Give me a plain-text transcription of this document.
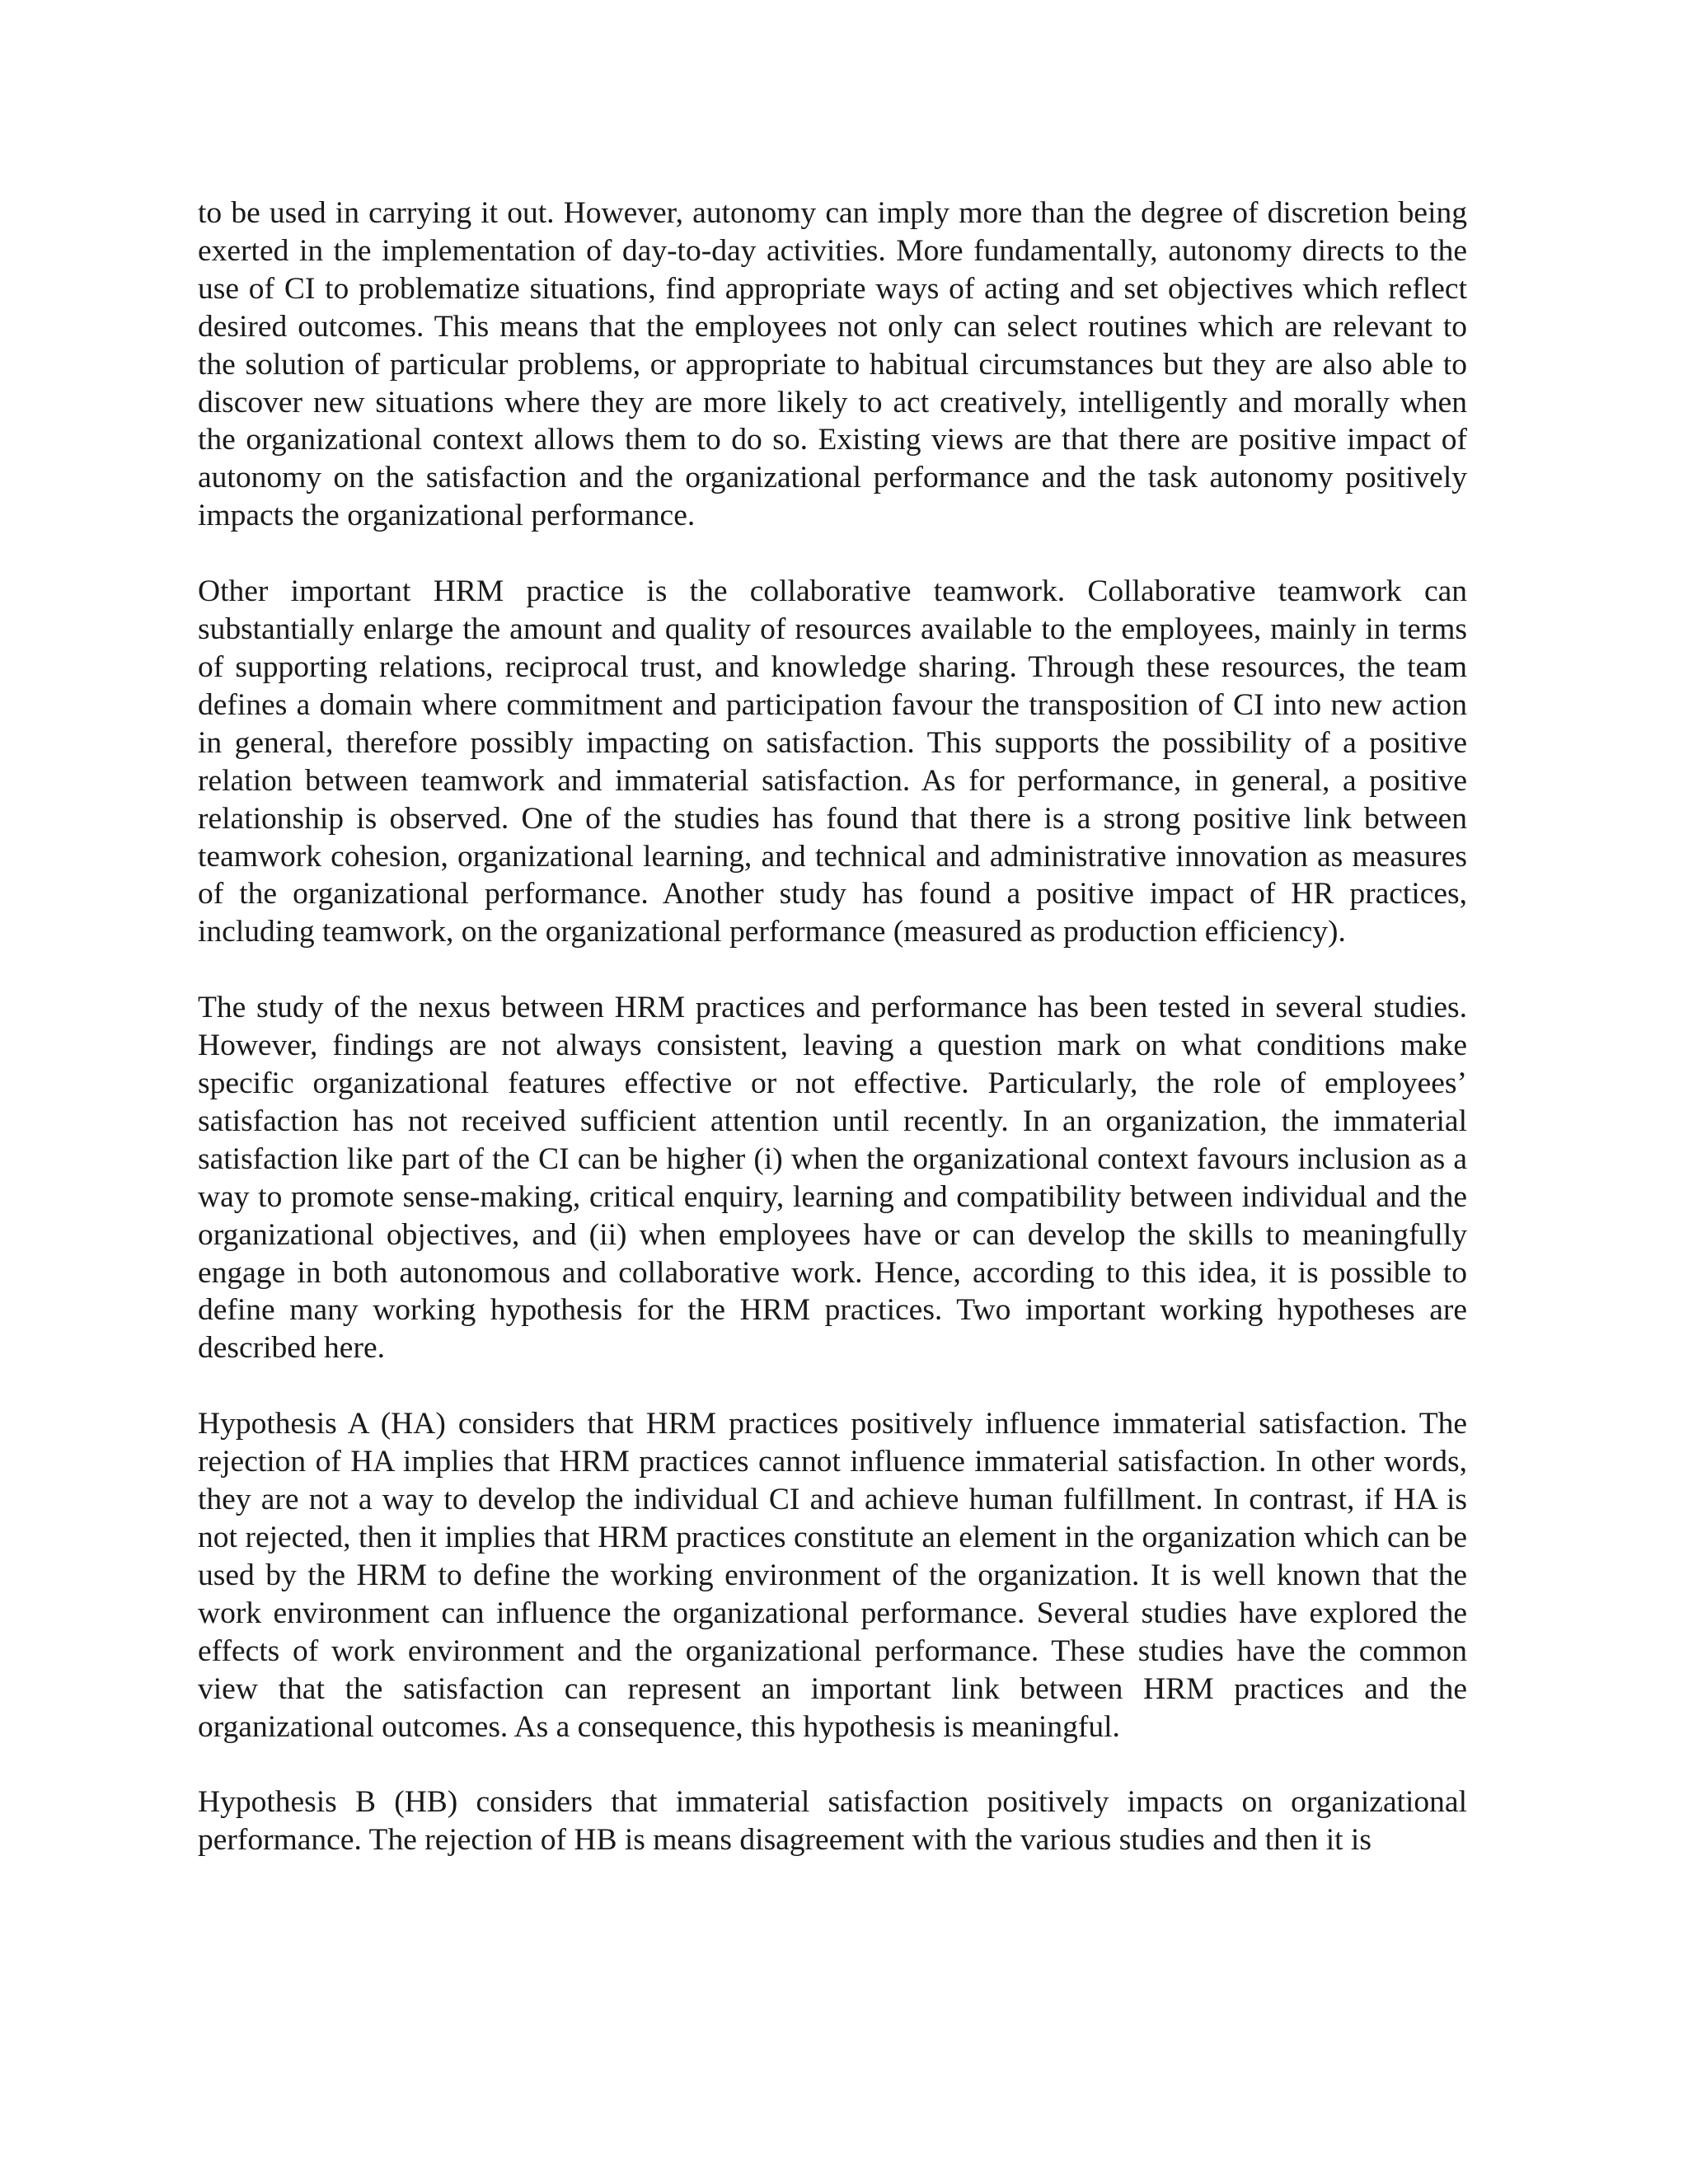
to be used in carrying it out. However, autonomy can imply more than the degree of discretion being exerted in the implementation of day-to-day activities. More fundamentally, autonomy directs to the use of CI to problematize situations, find appropriate ways of acting and set objectives which reflect desired outcomes. This means that the employees not only can select routines which are relevant to the solution of particular problems, or appropriate to habitual circumstances but they are also able to discover new situations where they are more likely to act creatively, intelligently and morally when the organizational context allows them to do so. Existing views are that there are positive impact of autonomy on the satisfaction and the organizational performance and the task autonomy positively impacts the organizational performance.

Other important HRM practice is the collaborative teamwork. Collaborative teamwork can substantially enlarge the amount and quality of resources available to the employees, mainly in terms of supporting relations, reciprocal trust, and knowledge sharing. Through these resources, the team defines a domain where commitment and participation favour the transposition of CI into new action in general, therefore possibly impacting on satisfaction. This supports the possibility of a positive relation between teamwork and immaterial satisfaction. As for performance, in general, a positive relationship is observed. One of the studies has found that there is a strong positive link between teamwork cohesion, organizational learning, and technical and administrative innovation as measures of the organizational performance. Another study has found a positive impact of HR practices, including teamwork, on the organizational performance (measured as production efficiency).

The study of the nexus between HRM practices and performance has been tested in several studies. However, findings are not always consistent, leaving a question mark on what conditions make specific organizational features effective or not effective. Particularly, the role of employees’ satisfaction has not received sufficient attention until recently. In an organization, the immaterial satisfaction like part of the CI can be higher (i) when the organizational context favours inclusion as a way to promote sense-making, critical enquiry, learning and compatibility between individual and the organizational objectives, and (ii) when employees have or can develop the skills to meaningfully engage in both autonomous and collaborative work. Hence, according to this idea, it is possible to define many working hypothesis for the HRM practices. Two important working hypotheses are described here.

Hypothesis A (HA) considers that HRM practices positively influence immaterial satisfaction. The rejection of HA implies that HRM practices cannot influence immaterial satisfaction. In other words, they are not a way to develop the individual CI and achieve human fulfillment. In contrast, if HA is not rejected, then it implies that HRM practices constitute an element in the organization which can be used by the HRM to define the working environment of the organization. It is well known that the work environment can influence the organizational performance. Several studies have explored the effects of work environment and the organizational performance. These studies have the common view that the satisfaction can represent an important link between HRM practices and the organizational outcomes. As a consequence, this hypothesis is meaningful.

Hypothesis B (HB) considers that immaterial satisfaction positively impacts on organizational performance. The rejection of HB is means disagreement with the various studies and then it is
